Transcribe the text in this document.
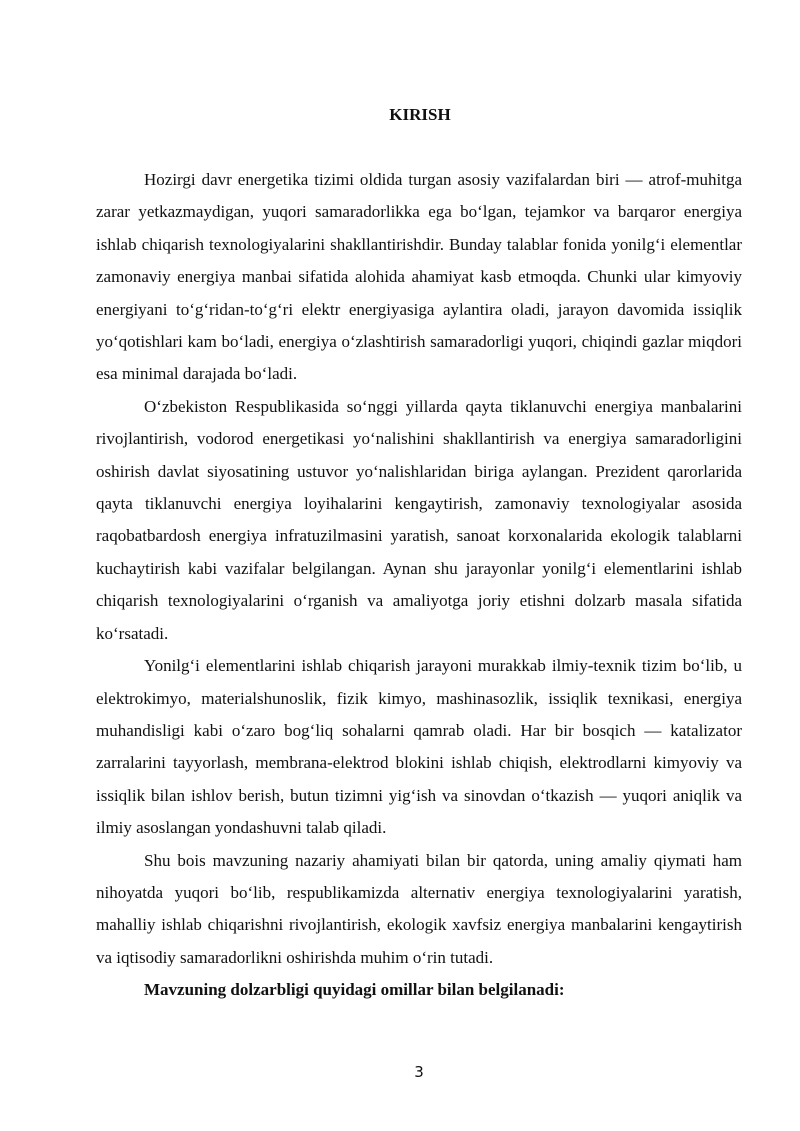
KIRISH

Hozirgi davr energetika tizimi oldida turgan asosiy vazifalardan biri — atrof-muhitga zarar yetkazmaydigan, yuqori samaradorlikka ega bo‘lgan, tejamkor va barqaror energiya ishlab chiqarish texnologiyalarini shakllantirishdir. Bunday talablar fonida yonilg‘i elementlar zamonaviy energiya manbai sifatida alohida ahamiyat kasb etmoqda. Chunki ular kimyoviy energiyani to‘g‘ridan-to‘g‘ri elektr energiyasiga aylantira oladi, jarayon davomida issiqlik yo‘qotishlari kam bo‘ladi, energiya o‘zlashtirish samaradorligi yuqori, chiqindi gazlar miqdori esa minimal darajada bo‘ladi.

O‘zbekiston Respublikasida so‘nggi yillarda qayta tiklanuvchi energiya manbalarini rivojlantirish, vodorod energetikasi yo‘nalishini shakllantirish va energiya samaradorligini oshirish davlat siyosatining ustuvor yo‘nalishlaridan biriga aylangan. Prezident qarorlarida qayta tiklanuvchi energiya loyihalarini kengaytirish, zamonaviy texnologiyalar asosida raqobatbardosh energiya infratuzilmasini yaratish, sanoat korxonalarida ekologik talablarni kuchaytirish kabi vazifalar belgilangan. Aynan shu jarayonlar yonilg‘i elementlarini ishlab chiqarish texnologiyalarini o‘rganish va amaliyotga joriy etishni dolzarb masala sifatida ko‘rsatadi.

Yonilg‘i elementlarini ishlab chiqarish jarayoni murakkab ilmiy-texnik tizim bo‘lib, u elektrokimyo, materialshunoslik, fizik kimyo, mashinasozlik, issiqlik texnikasi, energiya muhandisligi kabi o‘zaro bog‘liq sohalarni qamrab oladi. Har bir bosqich — katalizator zarralarini tayyorlash, membrana-elektrod blokini ishlab chiqish, elektrodlarni kimyoviy va issiqlik bilan ishlov berish, butun tizimni yig‘ish va sinovdan o‘tkazish — yuqori aniqlik va ilmiy asoslangan yondashuvni talab qiladi.

Shu bois mavzuning nazariy ahamiyati bilan bir qatorda, uning amaliy qiymati ham nihoyatda yuqori bo‘lib, respublikamizda alternativ energiya texnologiyalarini yaratish, mahalliy ishlab chiqarishni rivojlantirish, ekologik xavfsiz energiya manbalarini kengaytirish va iqtisodiy samaradorlikni oshirishda muhim o‘rin tutadi.

Mavzuning dolzarbligi quyidagi omillar bilan belgilanadi:

3
